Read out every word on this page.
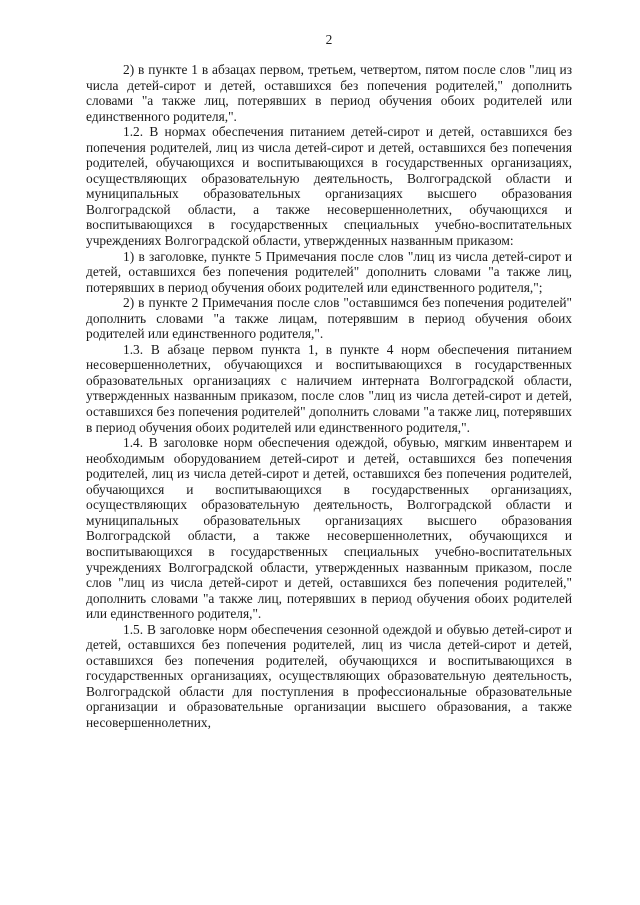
2

2) в пункте 1 в абзацах первом, третьем, четвертом, пятом после слов "лиц из числа детей-сирот и детей, оставшихся без попечения родителей," дополнить словами "а также лиц, потерявших в период обучения обоих родителей или единственного родителя,".

1.2. В нормах обеспечения питанием детей-сирот и детей, оставшихся без попечения родителей, лиц из числа детей-сирот и детей, оставшихся без попечения родителей, обучающихся и воспитывающихся в государственных организациях, осуществляющих образовательную деятельность, Волгоградской области и муниципальных образовательных организациях высшего образования Волгоградской области, а также несовершеннолетних, обучающихся и воспитывающихся в государственных специальных учебно-воспитательных учреждениях Волгоградской области, утвержденных названным приказом:

1) в заголовке, пункте 5 Примечания после слов "лиц из числа детей-сирот и детей, оставшихся без попечения родителей" дополнить словами "а также лиц, потерявших в период обучения обоих родителей или единственного родителя,";

2) в пункте 2 Примечания после слов "оставшимся без попечения родителей" дополнить словами "а также лицам, потерявшим в период обучения обоих родителей или единственного родителя,".

1.3. В абзаце первом пункта 1, в пункте 4 норм обеспечения питанием несовершеннолетних, обучающихся и воспитывающихся в государственных образовательных организациях с наличием интерната Волгоградской области, утвержденных названным приказом, после слов "лиц из числа детей-сирот и детей, оставшихся без попечения родителей" дополнить словами "а также лиц, потерявших в период обучения обоих родителей или единственного родителя,".

1.4. В заголовке норм обеспечения одеждой, обувью, мягким инвентарем и необходимым оборудованием детей-сирот и детей, оставшихся без попечения родителей, лиц из числа детей-сирот и детей, оставшихся без попечения родителей, обучающихся и воспитывающихся в государственных организациях, осуществляющих образовательную деятельность, Волгоградской области и муниципальных образовательных организациях высшего образования Волгоградской области, а также несовершеннолетних, обучающихся и воспитывающихся в государственных специальных учебно-воспитательных учреждениях Волгоградской области, утвержденных названным приказом, после слов "лиц из числа детей-сирот и детей, оставшихся без попечения родителей," дополнить словами "а также лиц, потерявших в период обучения обоих родителей или единственного родителя,".

1.5. В заголовке норм обеспечения сезонной одеждой и обувью детей-сирот и детей, оставшихся без попечения родителей, лиц из числа детей-сирот и детей, оставшихся без попечения родителей, обучающихся и воспитывающихся в государственных организациях, осуществляющих образовательную деятельность, Волгоградской области для поступления в профессиональные образовательные организации и образовательные организации высшего образования, а также несовершеннолетних,
